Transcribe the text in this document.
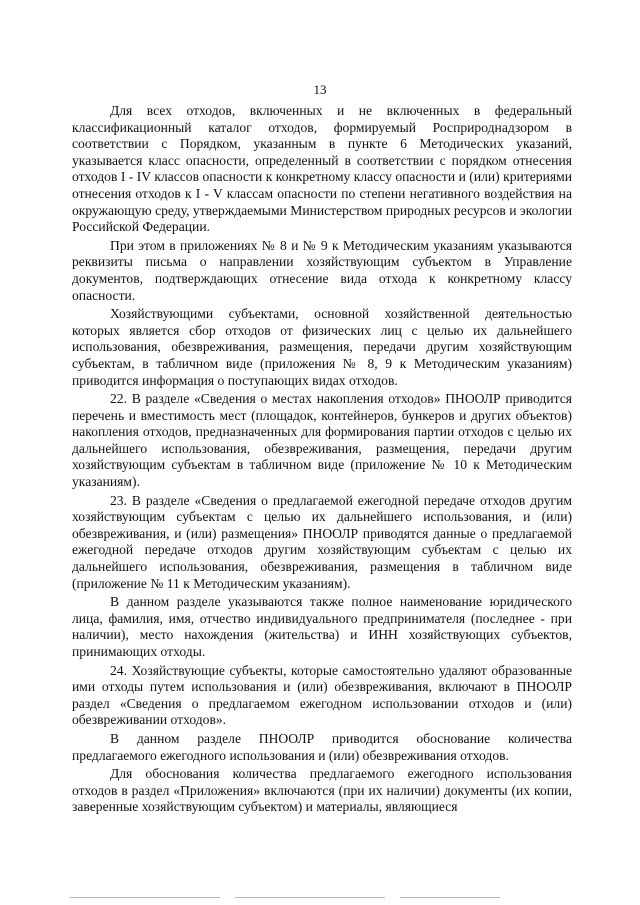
13

Для всех отходов, включенных и не включенных в федеральный классификационный каталог отходов, формируемый Росприроднадзором в соответствии с Порядком, указанным в пункте 6 Методических указаний, указывается класс опасности, определенный в соответствии с порядком отнесения отходов I - IV классов опасности к конкретному классу опасности и (или) критериями отнесения отходов к I - V классам опасности по степени негативного воздействия на окружающую среду, утверждаемыми Министерством природных ресурсов и экологии Российской Федерации.

При этом в приложениях № 8 и № 9 к Методическим указаниям указываются реквизиты письма о направлении хозяйствующим субъектом в Управление документов, подтверждающих отнесение вида отхода к конкретному классу опасности.

Хозяйствующими субъектами, основной хозяйственной деятельностью которых является сбор отходов от физических лиц с целью их дальнейшего использования, обезвреживания, размещения, передачи другим хозяйствующим субъектам, в табличном виде (приложения № 8, 9 к Методическим указаниям) приводится информация о поступающих видах отходов.

22. В разделе «Сведения о местах накопления отходов» ПНООЛР приводится перечень и вместимость мест (площадок, контейнеров, бункеров и других объектов) накопления отходов, предназначенных для формирования партии отходов с целью их дальнейшего использования, обезвреживания, размещения, передачи другим хозяйствующим субъектам в табличном виде (приложение № 10 к Методическим указаниям).

23. В разделе «Сведения о предлагаемой ежегодной передаче отходов другим хозяйствующим субъектам с целью их дальнейшего использования, и (или) обезвреживания, и (или) размещения» ПНООЛР приводятся данные о предлагаемой ежегодной передаче отходов другим хозяйствующим субъектам с целью их дальнейшего использования, обезвреживания, размещения в табличном виде (приложение № 11 к Методическим указаниям).

В данном разделе указываются также полное наименование юридического лица, фамилия, имя, отчество индивидуального предпринимателя (последнее - при наличии), место нахождения (жительства) и ИНН хозяйствующих субъектов, принимающих отходы.

24. Хозяйствующие субъекты, которые самостоятельно удаляют образованные ими отходы путем использования и (или) обезвреживания, включают в ПНООЛР раздел «Сведения о предлагаемом ежегодном использовании отходов и (или) обезвреживании отходов».

В данном разделе ПНООЛР приводится обоснование количества предлагаемого ежегодного использования и (или) обезвреживания отходов.

Для обоснования количества предлагаемого ежегодного использования отходов в раздел «Приложения» включаются (при их наличии) документы (их копии, заверенные хозяйствующим субъектом) и материалы, являющиеся
